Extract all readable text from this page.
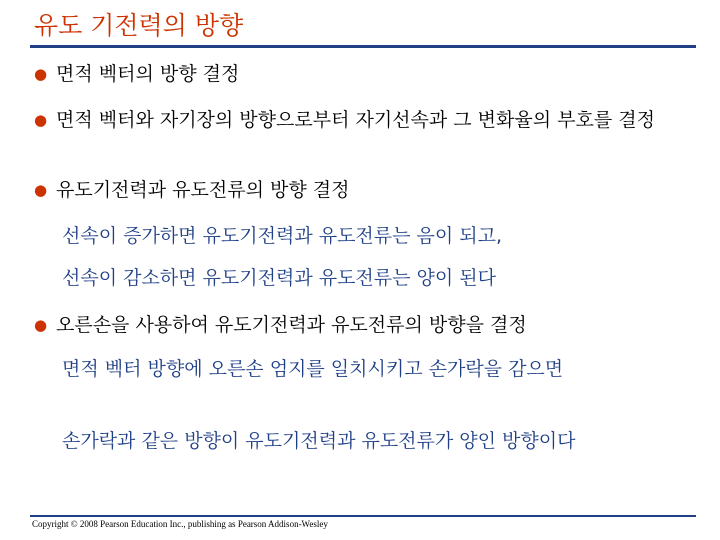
유도 기전력의 방향
● 면적 벡터의 방향 결정
● 면적 벡터와 자기장의 방향으로부터 자기선속과 그 변화율의 부호를 결정
● 유도기전력과 유도전류의 방향 결정
선속이 증가하면 유도기전력과 유도전류는 음이 되고,
선속이 감소하면 유도기전력과 유도전류는 양이 된다
● 오른손을 사용하여 유도기전력과 유도전류의 방향을 결정
면적 벡터 방향에 오른손 엄지를 일치시키고 손가락을 감으면
손가락과 같은 방향이 유도기전력과 유도전류가 양인 방향이다
Copyright © 2008 Pearson Education Inc., publishing as Pearson Addison-Wesley
